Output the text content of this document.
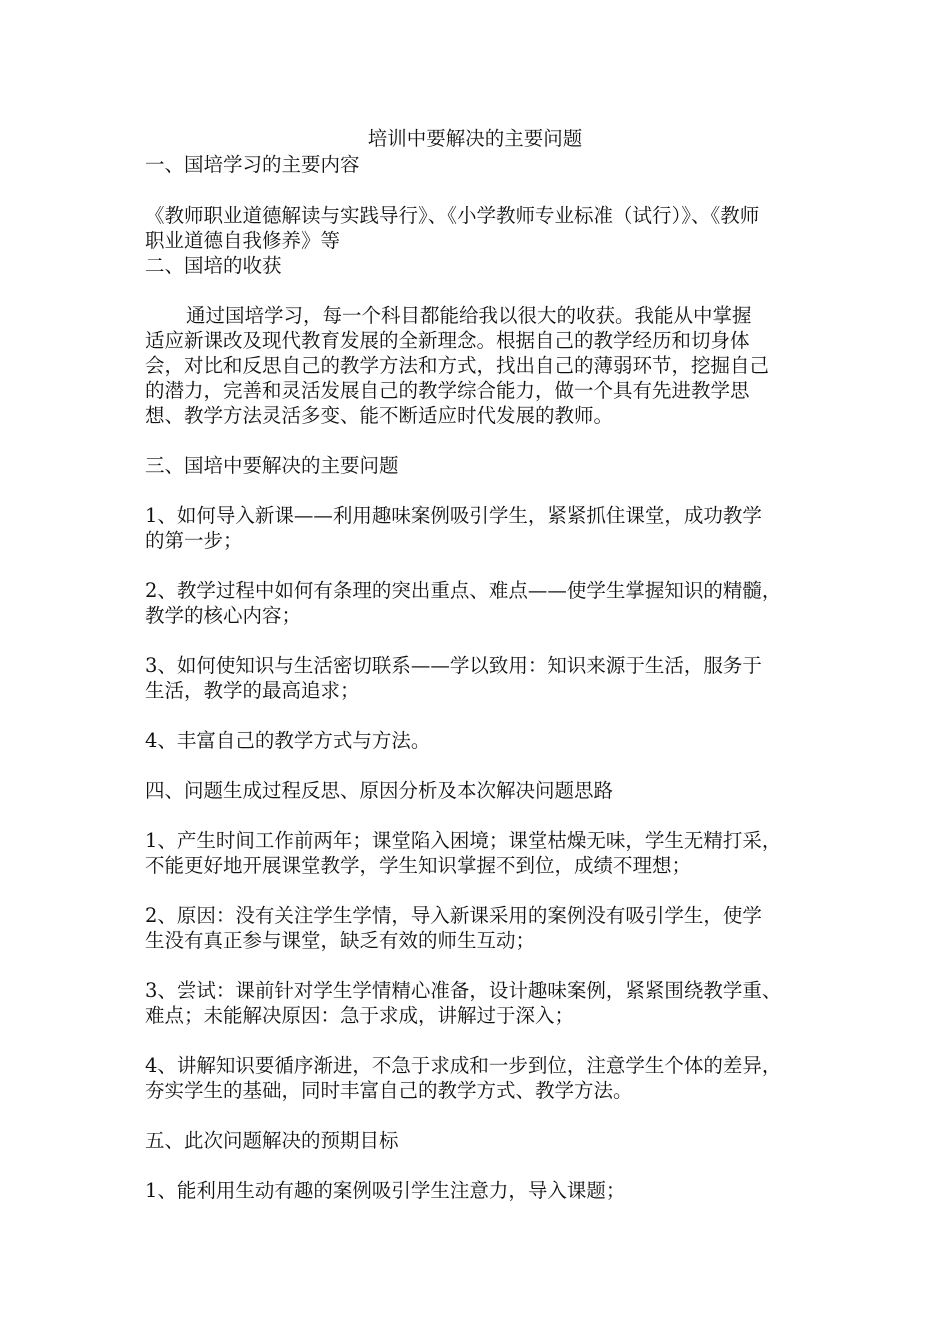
培训中要解决的主要问题
一、国培学习的主要内容
《教师职业道德解读与实践导行》、《小学教师专业标准（试行）》、《教师
职业道德自我修养》等
二、国培的收获
通过国培学习，每一个科目都能给我以很大的收获。我能从中掌握
适应新课改及现代教育发展的全新理念。根据自己的教学经历和切身体
会，对比和反思自己的教学方法和方式，找出自己的薄弱环节，挖掘自己
的潜力，完善和灵活发展自己的教学综合能力，做一个具有先进教学思
想、教学方法灵活多变、能不断适应时代发展的教师。
三、国培中要解决的主要问题
1、如何导入新课——利用趣味案例吸引学生，紧紧抓住课堂，成功教学
的第一步；
2、教学过程中如何有条理的突出重点、难点——使学生掌握知识的精髓，
教学的核心内容；
3、如何使知识与生活密切联系——学以致用：知识来源于生活，服务于
生活，教学的最高追求；
4、丰富自己的教学方式与方法。
四、问题生成过程反思、原因分析及本次解决问题思路
1、产生时间工作前两年；课堂陷入困境；课堂枯燥无味，学生无精打采，
不能更好地开展课堂教学，学生知识掌握不到位，成绩不理想；
2、原因：没有关注学生学情，导入新课采用的案例没有吸引学生，使学
生没有真正参与课堂，缺乏有效的师生互动；
3、尝试：课前针对学生学情精心准备，设计趣味案例，紧紧围绕教学重、
难点；未能解决原因：急于求成，讲解过于深入；
4、讲解知识要循序渐进，不急于求成和一步到位，注意学生个体的差异，
夯实学生的基础，同时丰富自己的教学方式、教学方法。
五、此次问题解决的预期目标
1、能利用生动有趣的案例吸引学生注意力，导入课题；
